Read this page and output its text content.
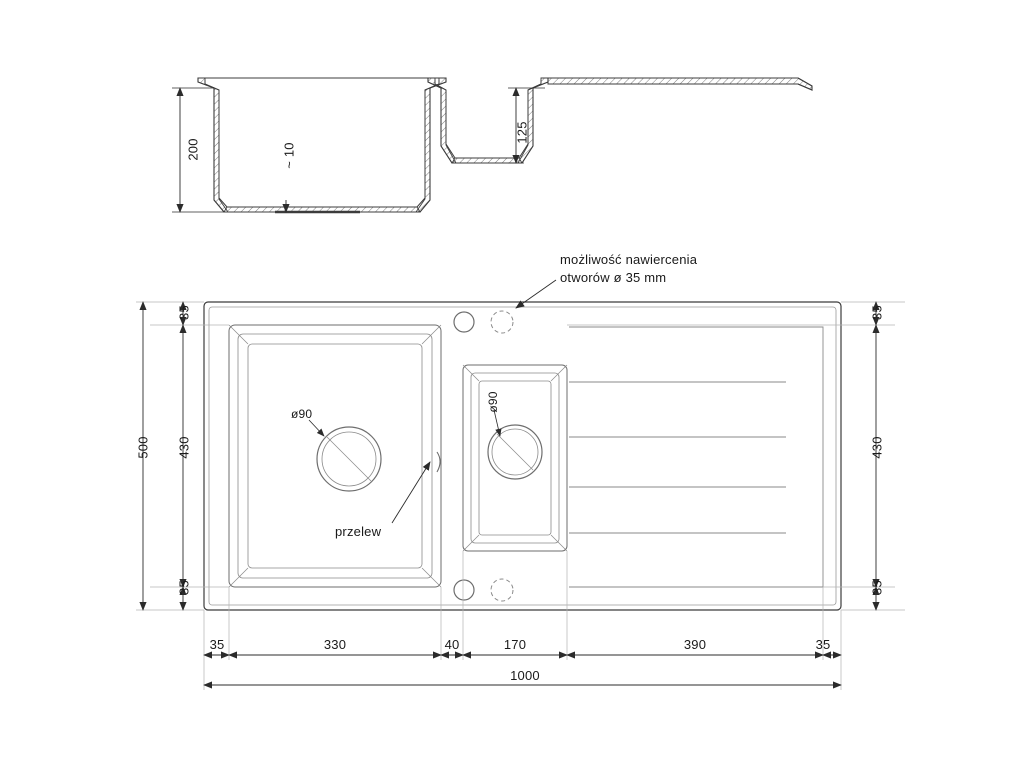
200	~ 10
125
możliwość nawiercenia
otworów ø 35 mm
ø90
ø90
przelew
500
35
430
35
35
430
35
35	330	40	170	390	35
1000
